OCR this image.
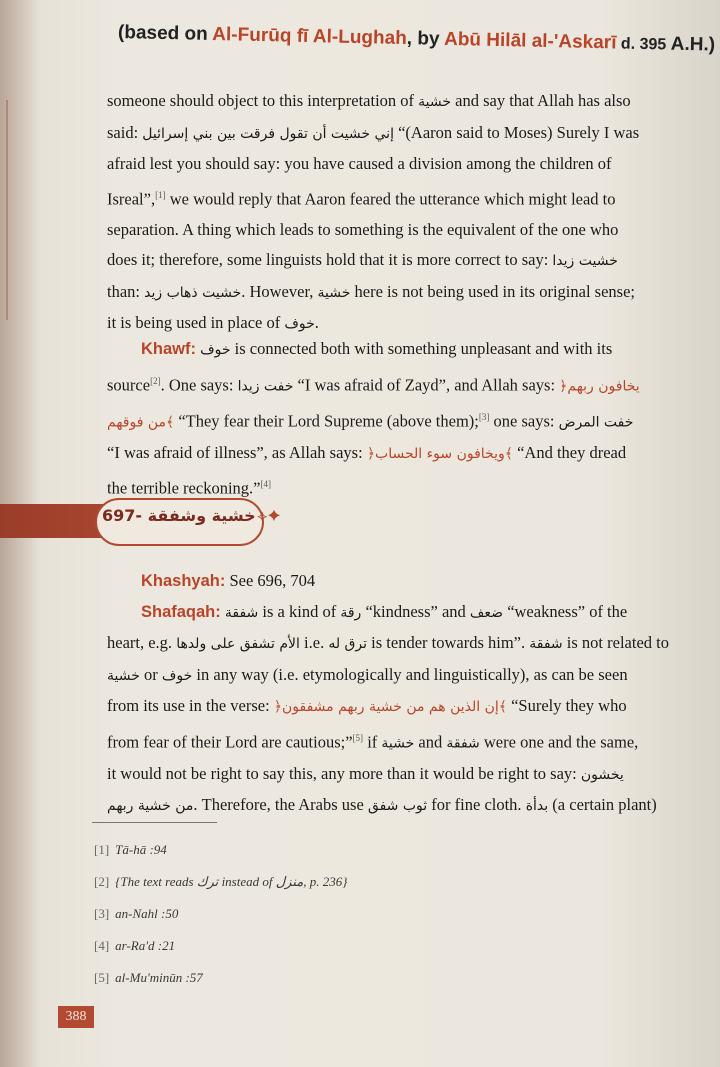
(based on Al-Furūq fī Al-Lughah, by Abū Hilāl al-'Askarī d. 395 A.H.)
someone should object to this interpretation of خشية and say that Allah has also
said: إني خشيت أن تقول فرقت بين بني إسرائيل “(Aaron said to Moses) Surely I was
afraid lest you should say: you have caused a division among the children of
Isreal”,[1] we would reply that Aaron feared the utterance which might lead to
separation. A thing which leads to something is the equivalent of the one who
does it; therefore, some linguists hold that it is more correct to say: خشيت زيدا
than: خشيت ذهاب زيد. However, خشية here is not being used in its original sense;
it is being used in place of خوف.
Khawf: خوف is connected both with something unpleasant and with its
source[2]. One says: خفت زيدا “I was afraid of Zayd”, and Allah says: ﴿يخافون ربهم
من فوقهم﴾ “They fear their Lord Supreme (above them);[3] one says: خفت المرض
“I was afraid of illness”, as Allah says: ﴿ويخافون سوء الحساب﴾ “And they dread
the terrible reckoning.”[4]
697- خشية وشفقة ⟡✦
Khashyah: See 696, 704
Shafaqah: شفقة is a kind of رقة “kindness” and ضعف “weakness” of the
heart, e.g. الأم تشفق على ولدها i.e. ترق له is tender towards him”. شفقة is not related to
خشية or خوف in any way (i.e. etymologically and linguistically), as can be seen
from its use in the verse: ﴿إن الذين هم من خشية ربهم مشفقون﴾ “Surely they who
from fear of their Lord are cautious;”[5] if خشية and شفقة were one and the same,
it would not be right to say this, any more than it would be right to say: يخشون
من خشية ربهم. Therefore, the Arabs use ثوب شفق for fine cloth. بدأة (a certain plant)
[1] Tā-hā :94
[2] {The text reads ترك instead of منزل, p. 236}
[3] an-Nahl :50
[4] ar-Ra'd :21
[5] al-Mu'minūn :57
388
